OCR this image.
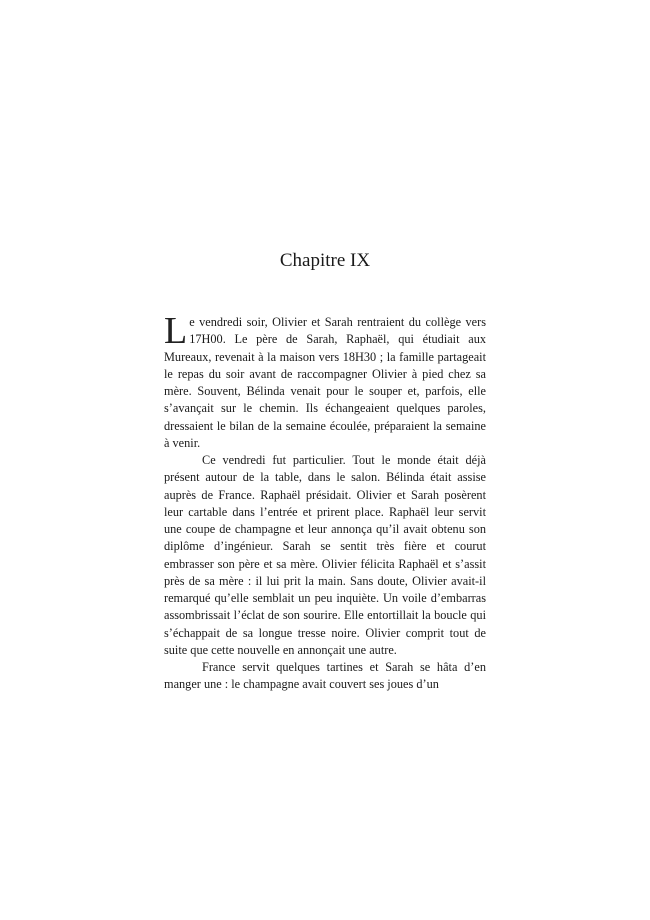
Chapitre IX

Le vendredi soir, Olivier et Sarah rentraient du collège vers 17H00. Le père de Sarah, Raphaël, qui étudiait aux Mureaux, revenait à la maison vers 18H30 ; la famille partageait le repas du soir avant de raccompagner Olivier à pied chez sa mère. Souvent, Bélinda venait pour le souper et, parfois, elle s’avançait sur le chemin. Ils échangeaient quelques paroles, dressaient le bilan de la semaine écoulée, préparaient la semaine à venir.

Ce vendredi fut particulier. Tout le monde était déjà présent autour de la table, dans le salon. Bélinda était assise auprès de France. Raphaël présidait. Olivier et Sarah posèrent leur cartable dans l’entrée et prirent place. Raphaël leur servit une coupe de champagne et leur annonça qu’il avait obtenu son diplôme d’ingénieur. Sarah se sentit très fière et courut embrasser son père et sa mère. Olivier félicita Raphaël et s’assit près de sa mère : il lui prit la main. Sans doute, Olivier avait-il remarqué qu’elle semblait un peu inquiète. Un voile d’embarras assombrissait l’éclat de son sourire. Elle entortillait la boucle qui s’échappait de sa longue tresse noire. Olivier comprit tout de suite que cette nouvelle en annonçait une autre.

France servit quelques tartines et Sarah se hâta d’en manger une : le champagne avait couvert ses joues d’un
